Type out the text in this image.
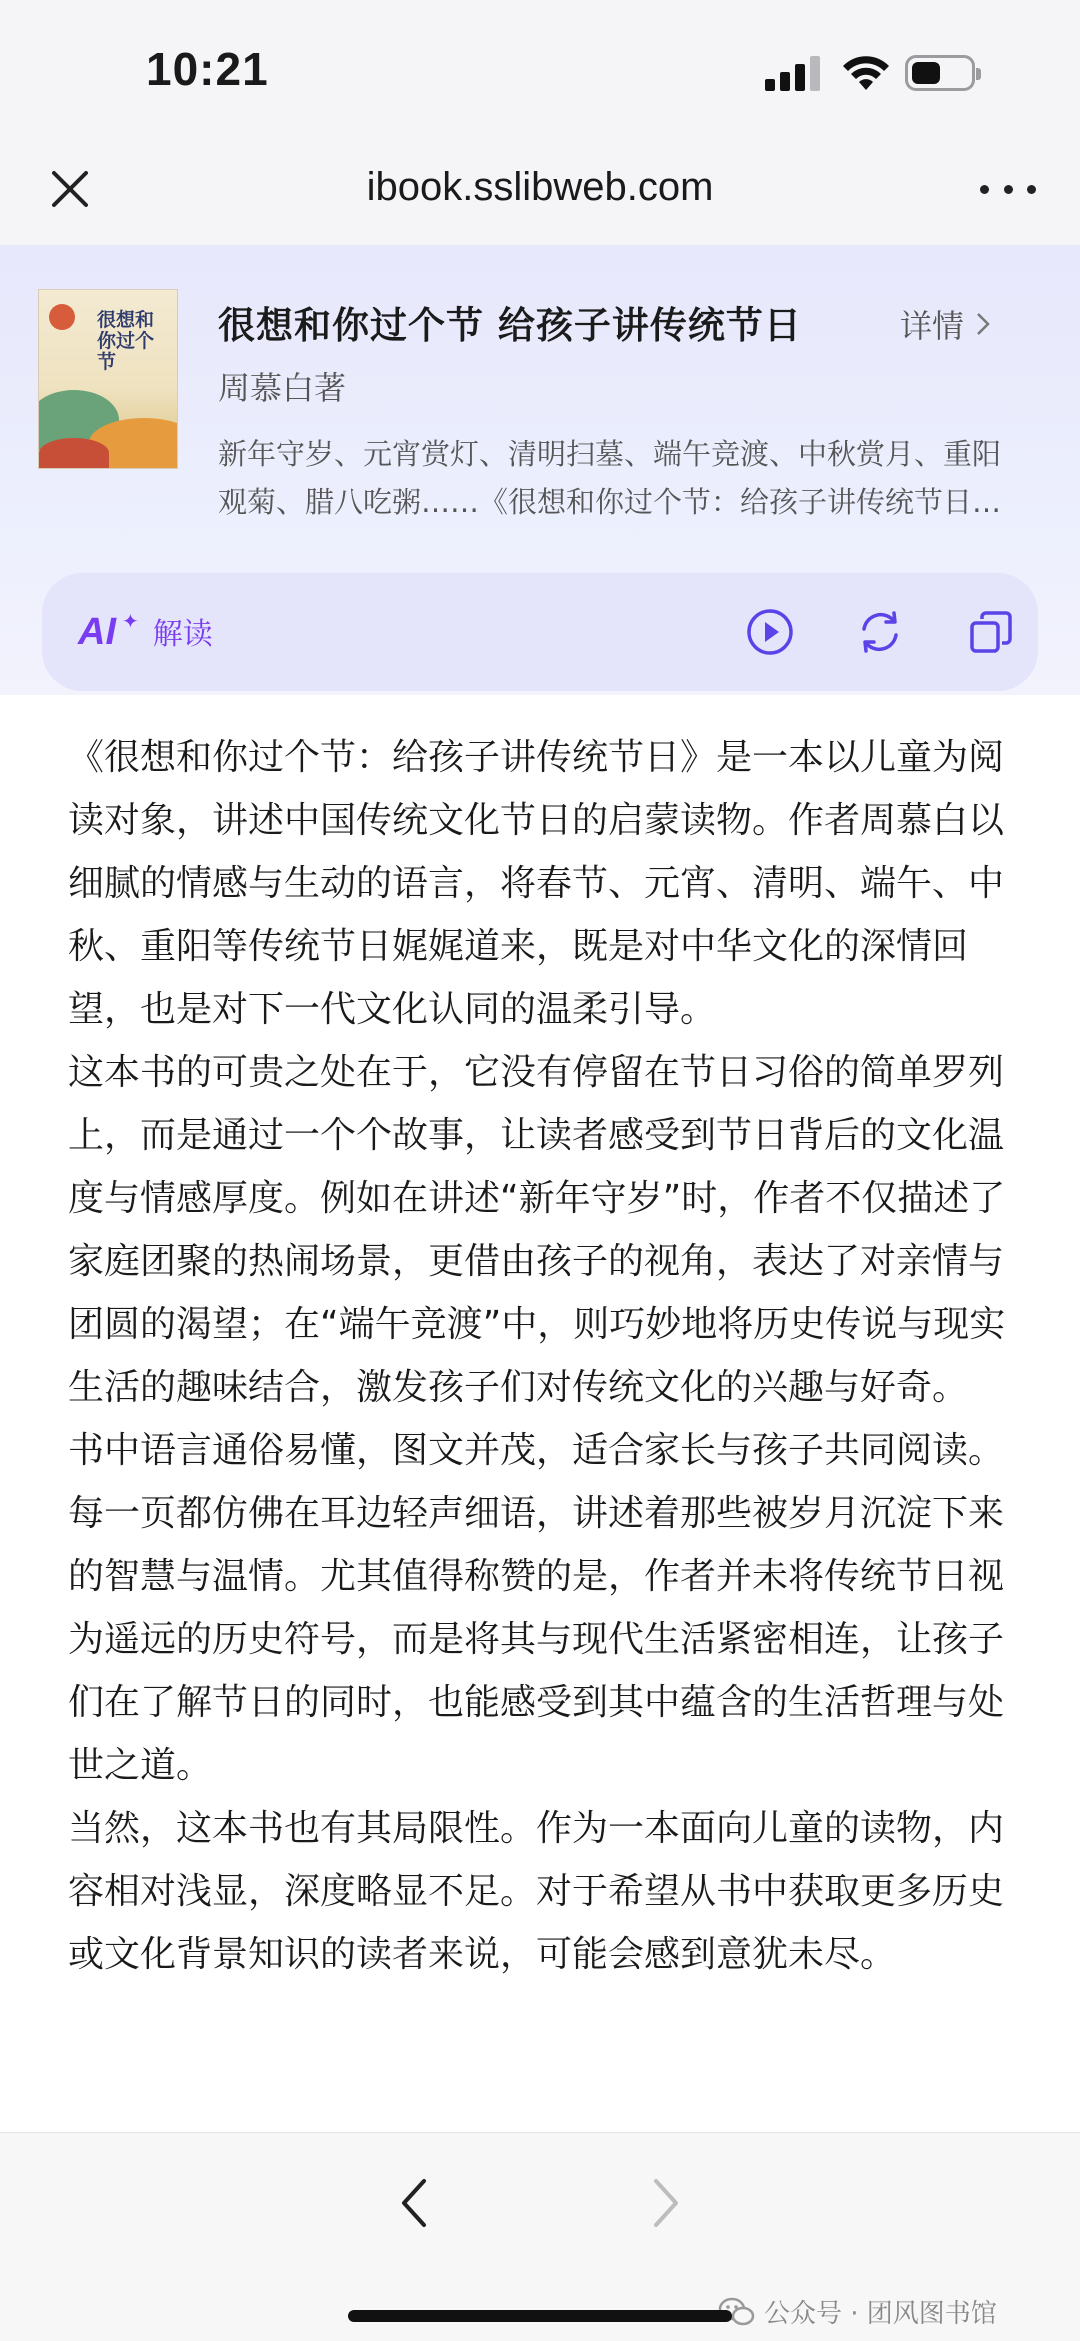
10:21
ibook.sslibweb.com
很想和你过个节
很想和你过个节 给孩子讲传统节日	详情
周慕白著
新年守岁、元宵赏灯、清明扫墓、端午竞渡、中秋赏月、重阳
观菊、腊八吃粥……《很想和你过个节：给孩子讲传统节日…
AI ✦ 解读

《很想和你过个节：给孩子讲传统节日》是一本以儿童为阅读对象，讲述中国传统文化节日的启蒙读物。作者周慕白以细腻的情感与生动的语言，将春节、元宵、清明、端午、中秋、重阳等传统节日娓娓道来，既是对中华文化的深情回望，也是对下一代文化认同的温柔引导。

这本书的可贵之处在于，它没有停留在节日习俗的简单罗列上，而是通过一个个故事，让读者感受到节日背后的文化温度与情感厚度。例如在讲述“新年守岁”时，作者不仅描述了家庭团聚的热闹场景，更借由孩子的视角，表达了对亲情与团圆的渴望；在“端午竞渡”中，则巧妙地将历史传说与现实生活的趣味结合，激发孩子们对传统文化的兴趣与好奇。

书中语言通俗易懂，图文并茂，适合家长与孩子共同阅读。每一页都仿佛在耳边轻声细语，讲述着那些被岁月沉淀下来的智慧与温情。尤其值得称赞的是，作者并未将传统节日视为遥远的历史符号，而是将其与现代生活紧密相连，让孩子们在了解节日的同时，也能感受到其中蕴含的生活哲理与处世之道。

当然，这本书也有其局限性。作为一本面向儿童的读物，内容相对浅显，深度略显不足。对于希望从书中获取更多历史或文化背景知识的读者来说，可能会感到意犹未尽。

公众号 · 团风图书馆
